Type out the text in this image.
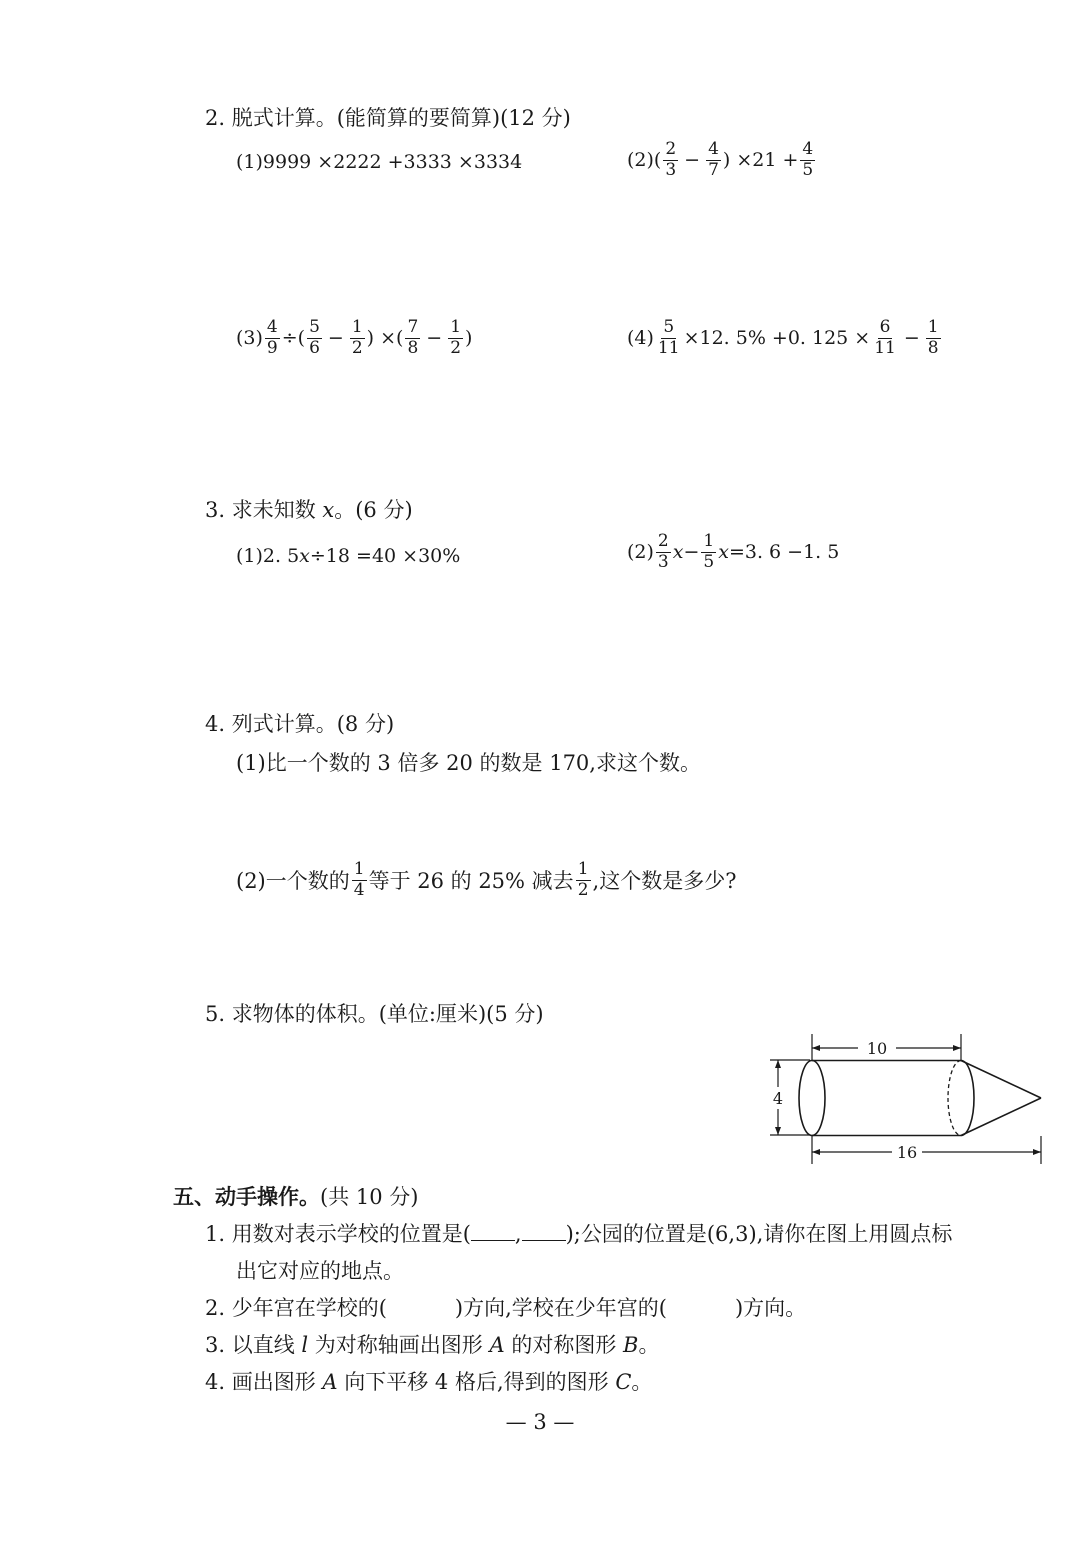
2. 脱式计算。(能简算的要简算)(12 分)
(1)9999 ×2222 +3333 ×3334	(2)(
2
$3 - \frac{4}{7}$ ) $\times 21 + \frac{4}{5}$
$(3) \frac{4}{9}$ ÷(
5
$6 - \frac{1}{2}$ ) ×(
7
$8 - \frac{1}{2}$ )	$(4) \frac{5}{11} \times 12$. 5% +0. $125 \times \frac{6}{11} - \frac{1}{8}$
3. 求未知数 x。(6 分)
(1)2. 5 x ÷18 =40 ×30%	(2)
2
3 $x - \frac{1}{5}$ x =3. 6 −1. 5
4. 列式计算。(8 分)
(1)比一个数的 3 倍多 20 的数是 170,求这个数。
(2)一个数的
1
4 等于 26 的 25% 减去
1
2 ,这个数是多少?
5. 求物体的体积。(单位:厘米)(5 分)
10
4
16
五、动手操作。(共 10 分)
1. 用数对表示学校的位置是( , );公园的位置是(6,3),请你在图上用圆点标
出它对应的地点。
2. 少年宫在学校的(	)方向,学校在少年宫的(	)方向。
3. 以直线 l 为对称轴画出图形 A 的对称图形 B。
4. 画出图形 A 向下平移 4 格后,得到的图形 C。
— 3 —
